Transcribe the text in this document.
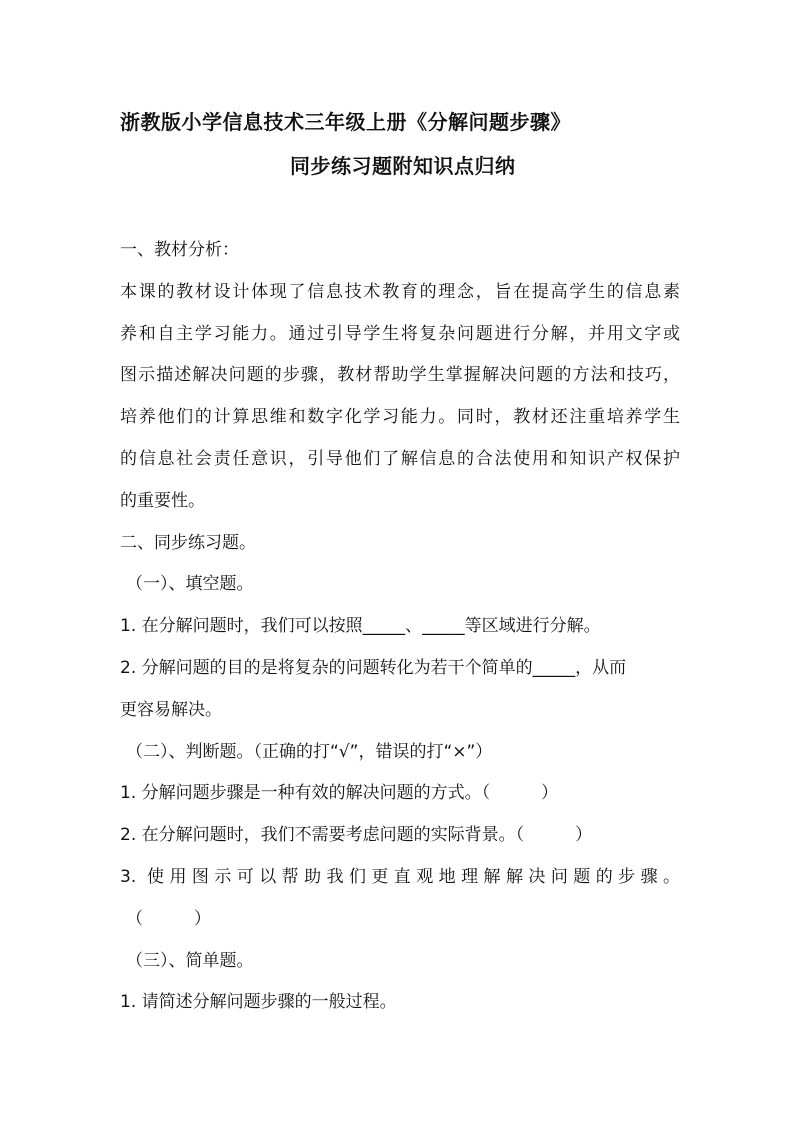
浙教版小学信息技术三年级上册《分解问题步骤》
同步练习题附知识点归纳
一、教材分析：
本课的教材设计体现了信息技术教育的理念，旨在提高学生的信息素
养和自主学习能力。通过引导学生将复杂问题进行分解，并用文字或
图示描述解决问题的步骤，教材帮助学生掌握解决问题的方法和技巧，
培养他们的计算思维和数字化学习能力。同时，教材还注重培养学生
的信息社会责任意识，引导他们了解信息的合法使用和知识产权保护
的重要性。
二、同步练习题。
（一）、填空题。
1. 在分解问题时，我们可以按照_____、_____等区域进行分解。
2. 分解问题的目的是将复杂的问题转化为若干个简单的_____，从而
更容易解决。
（二）、判断题。（正确的打“√”，错误的打“×”）
1. 分解问题步骤是一种有效的解决问题的方式。（　　　）
2. 在分解问题时，我们不需要考虑问题的实际背景。（　　　）
3. 使用图示可以帮助我们更直观地理解解决问题的步骤。
（　　　）
（三）、简单题。
1. 请简述分解问题步骤的一般过程。
